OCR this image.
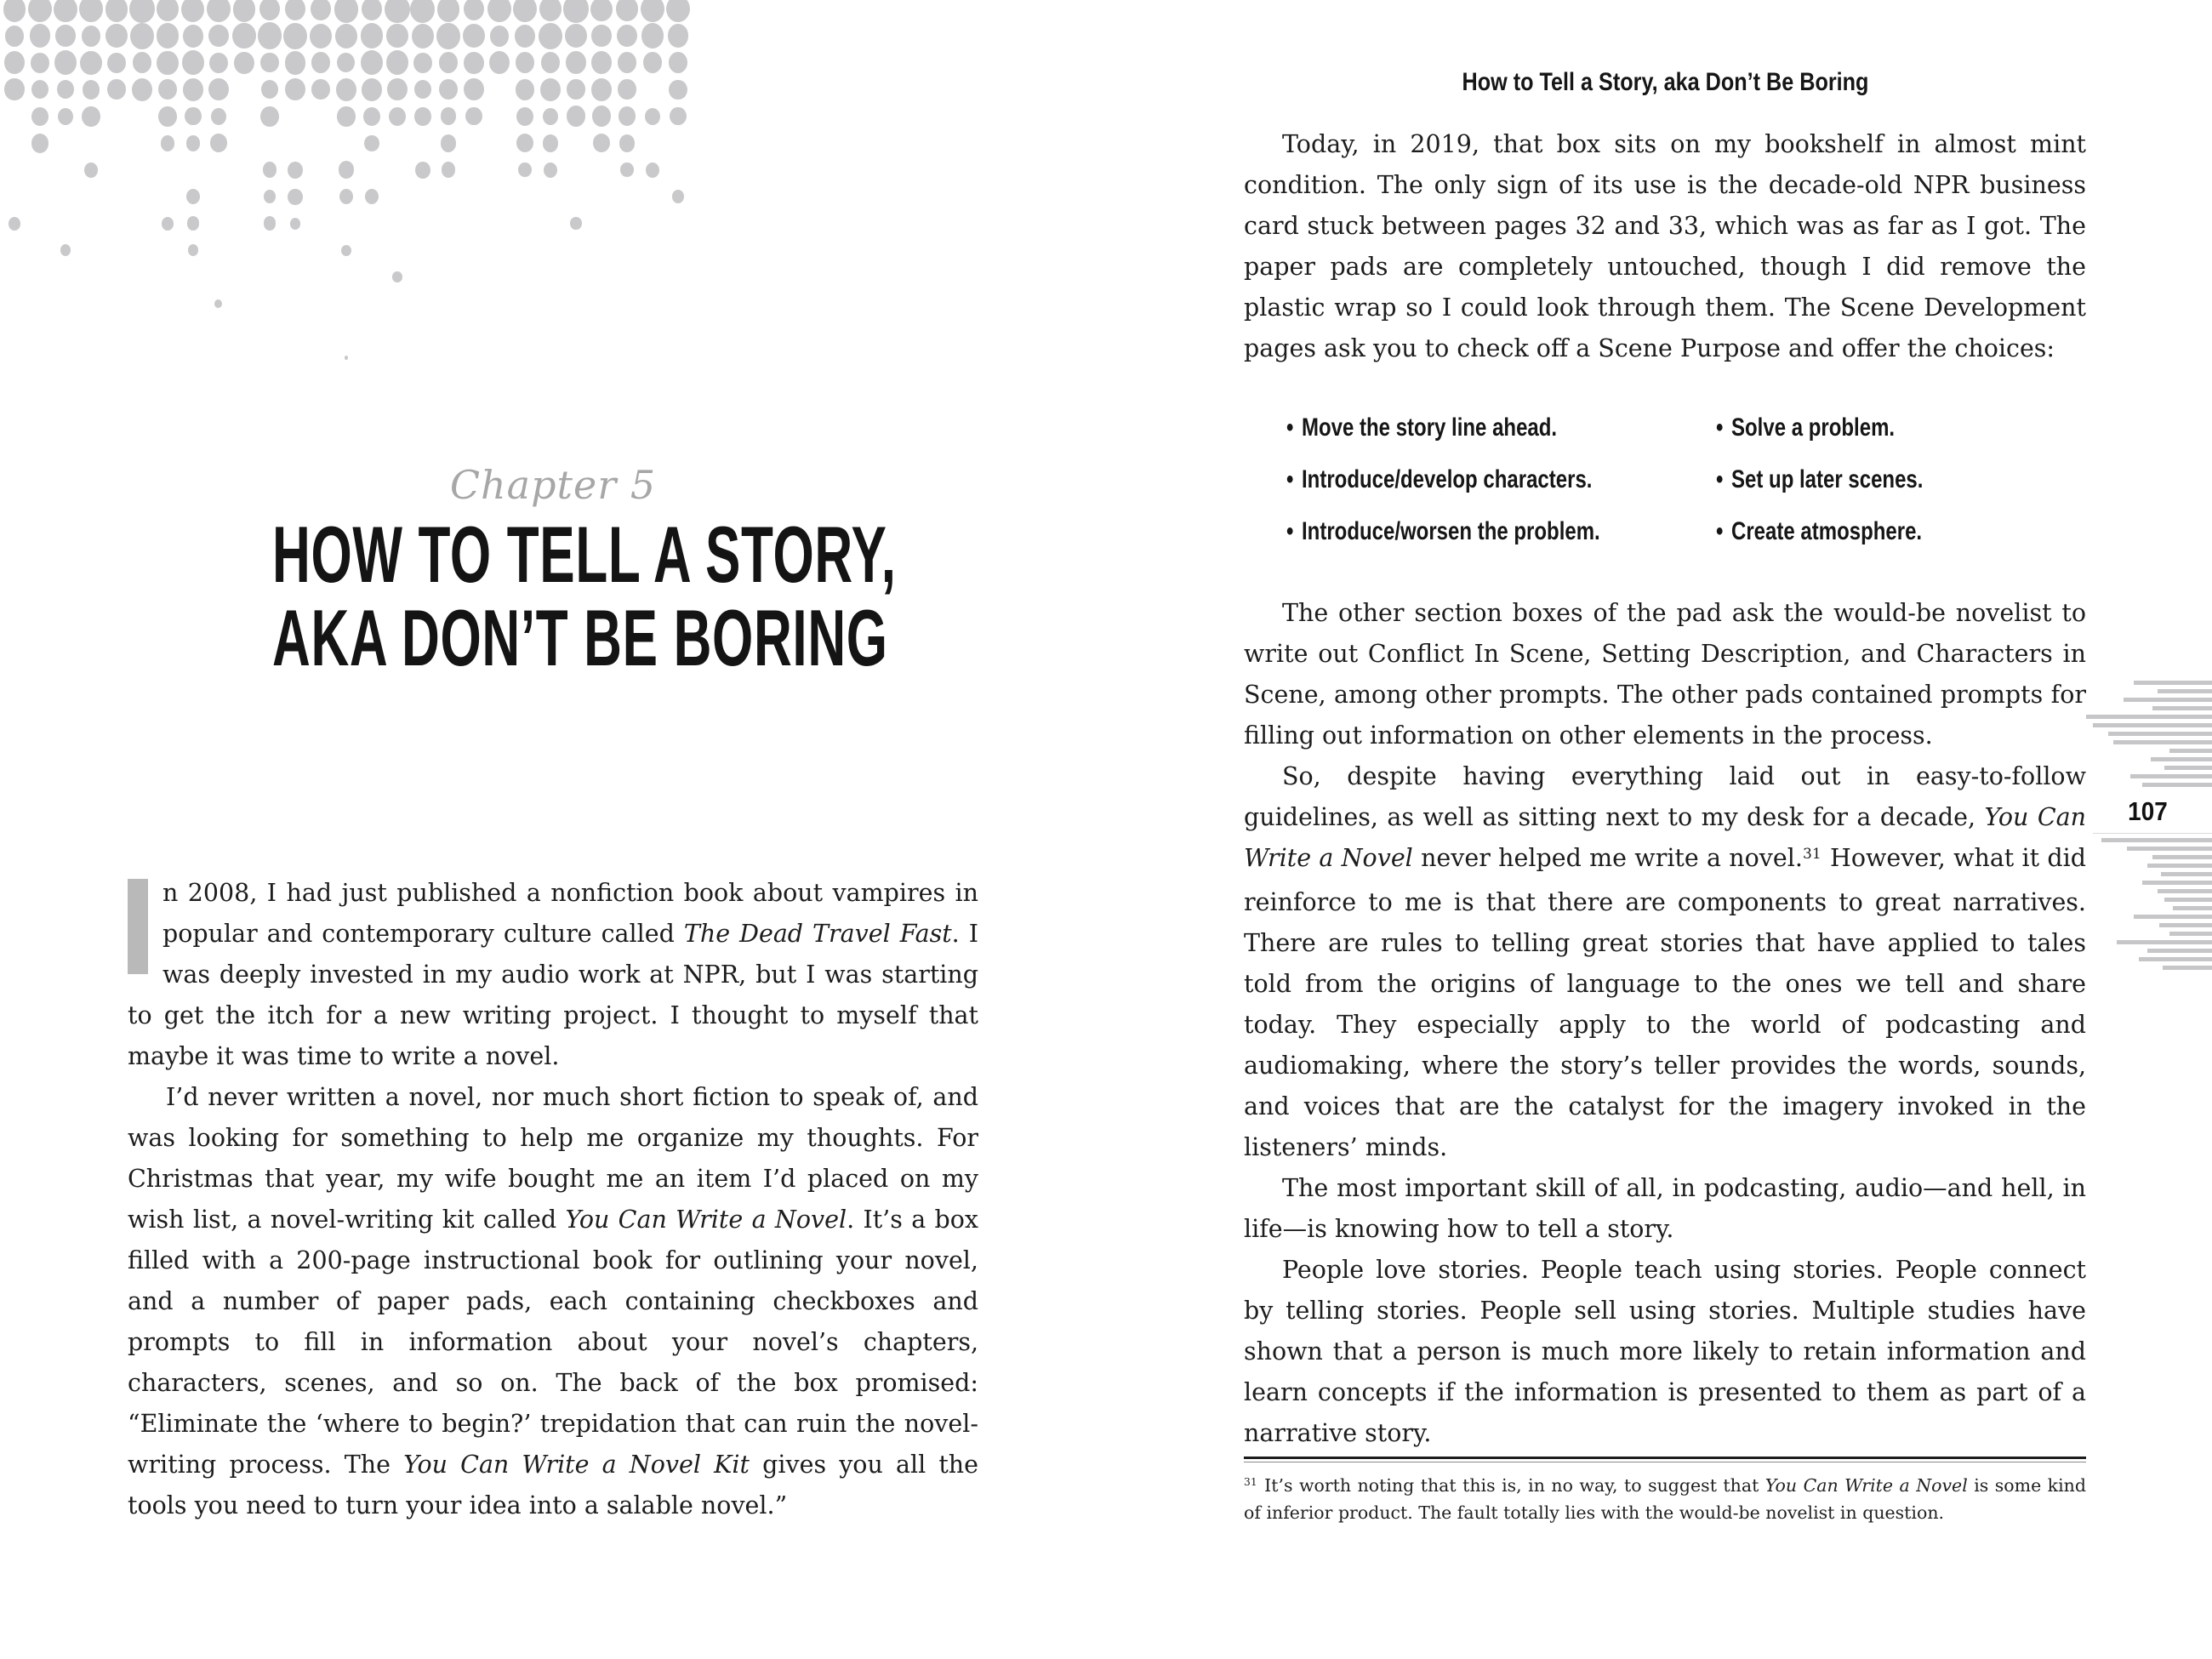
Chapter 5
HOW TO TELL A STORY,
AKA DON’T BE BORING

n 2008, I had just published a nonfiction book about vampires in popular and contemporary culture called The Dead Travel Fast. I was deeply invested in my audio work at NPR, but I was starting to get the itch for a new writing project. I thought to myself that maybe it was time to write a novel.

I’d never written a novel, nor much short fiction to speak of, and was looking for something to help me organize my thoughts. For Christmas that year, my wife bought me an item I’d placed on my wish list, a novel-writing kit called You Can Write a Novel. It’s a box filled with a 200-page instructional book for outlining your novel, and a number of paper pads, each containing checkboxes and prompts to fill in information about your novel’s chapters, characters, scenes, and so on. The back of the box promised: “Eliminate the ‘where to begin?’ trepidation that can ruin the novel-writing process. The You Can Write a Novel Kit gives you all the tools you need to turn your idea into a salable novel.”

How to Tell a Story, aka Don’t Be Boring

Today, in 2019, that box sits on my bookshelf in almost mint condition. The only sign of its use is the decade-old NPR business card stuck between pages 32 and 33, which was as far as I got. The paper pads are completely untouched, though I did remove the plastic wrap so I could look through them. The Scene Development pages ask you to check off a Scene Purpose and offer the choices:

• Move the story line ahead.
• Introduce/develop characters.
• Introduce/worsen the problem.
• Solve a problem.
• Set up later scenes.
• Create atmosphere.

The other section boxes of the pad ask the would-be novelist to write out Conflict In Scene, Setting Description, and Characters in Scene, among other prompts. The other pads contained prompts for filling out information on other elements in the process.

So, despite having everything laid out in easy-to-follow guidelines, as well as sitting next to my desk for a decade, You Can Write a Novel never helped me write a novel.$^{31}$ However, what it did reinforce to me is that there are components to great narratives. There are rules to telling great stories that have applied to tales told from the origins of language to the ones we tell and share today. They especially apply to the world of podcasting and audiomaking, where the story’s teller provides the words, sounds, and voices that are the catalyst for the imagery invoked in the listeners’ minds.

The most important skill of all, in podcasting, audio—and hell, in life—is knowing how to tell a story.

People love stories. People teach using stories. People connect by telling stories. People sell using stories. Multiple studies have shown that a person is much more likely to retain information and learn concepts if the information is presented to them as part of a narrative story.

$^{31}$ It’s worth noting that this is, in no way, to suggest that You Can Write a Novel is some kind of inferior product. The fault totally lies with the would-be novelist in question.
107
